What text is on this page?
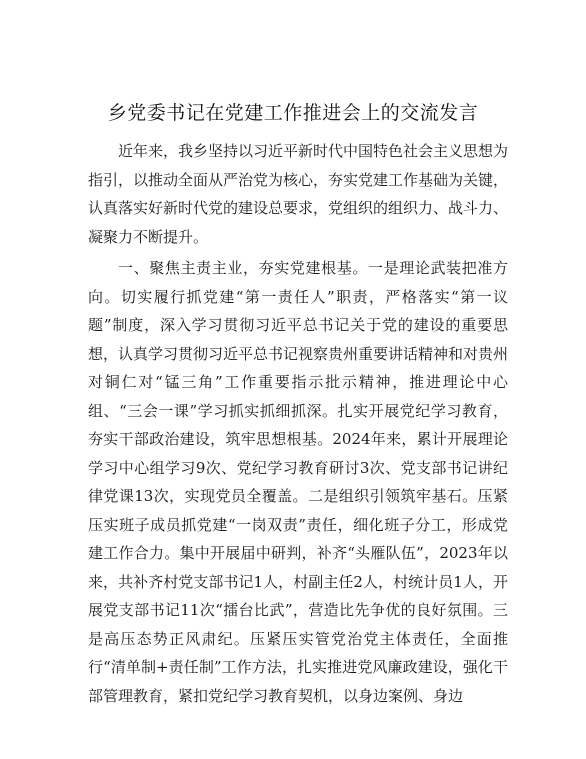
乡党委书记在党建工作推进会上的交流发言

近年来，我乡坚持以习近平新时代中国特色社会主义思想为指引，以推动全面从严治党为核心，夯实党建工作基础为关键，认真落实好新时代党的建设总要求，党组织的组织力、战斗力、凝聚力不断提升。

一、聚焦主责主业，夯实党建根基。一是理论武装把准方向。切实履行抓党建“第一责任人”职责，严格落实“第一议题”制度，深入学习贯彻习近平总书记关于党的建设的重要思想，认真学习贯彻习近平总书记视察贵州重要讲话精神和对贵州对铜仁对“锰三角”工作重要指示批示精神，推进理论中心组、“三会一课”学习抓实抓细抓深。扎实开展党纪学习教育，夯实干部政治建设，筑牢思想根基。2024年来，累计开展理论学习中心组学习9次、党纪学习教育研讨3次、党支部书记讲纪律党课13次，实现党员全覆盖。二是组织引领筑牢基石。压紧压实班子成员抓党建“一岗双责”责任，细化班子分工，形成党建工作合力。集中开展届中研判，补齐“头雁队伍”，2023年以来，共补齐村党支部书记1人，村副主任2人，村统计员1人，开展党支部书记11次“擂台比武”，营造比先争优的良好氛围。三是高压态势正风肃纪。压紧压实管党治党主体责任，全面推行“清单制+责任制”工作方法，扎实推进党风廉政建设，强化干部管理教育，紧扣党纪学习教育契机，以身边案例、身边
